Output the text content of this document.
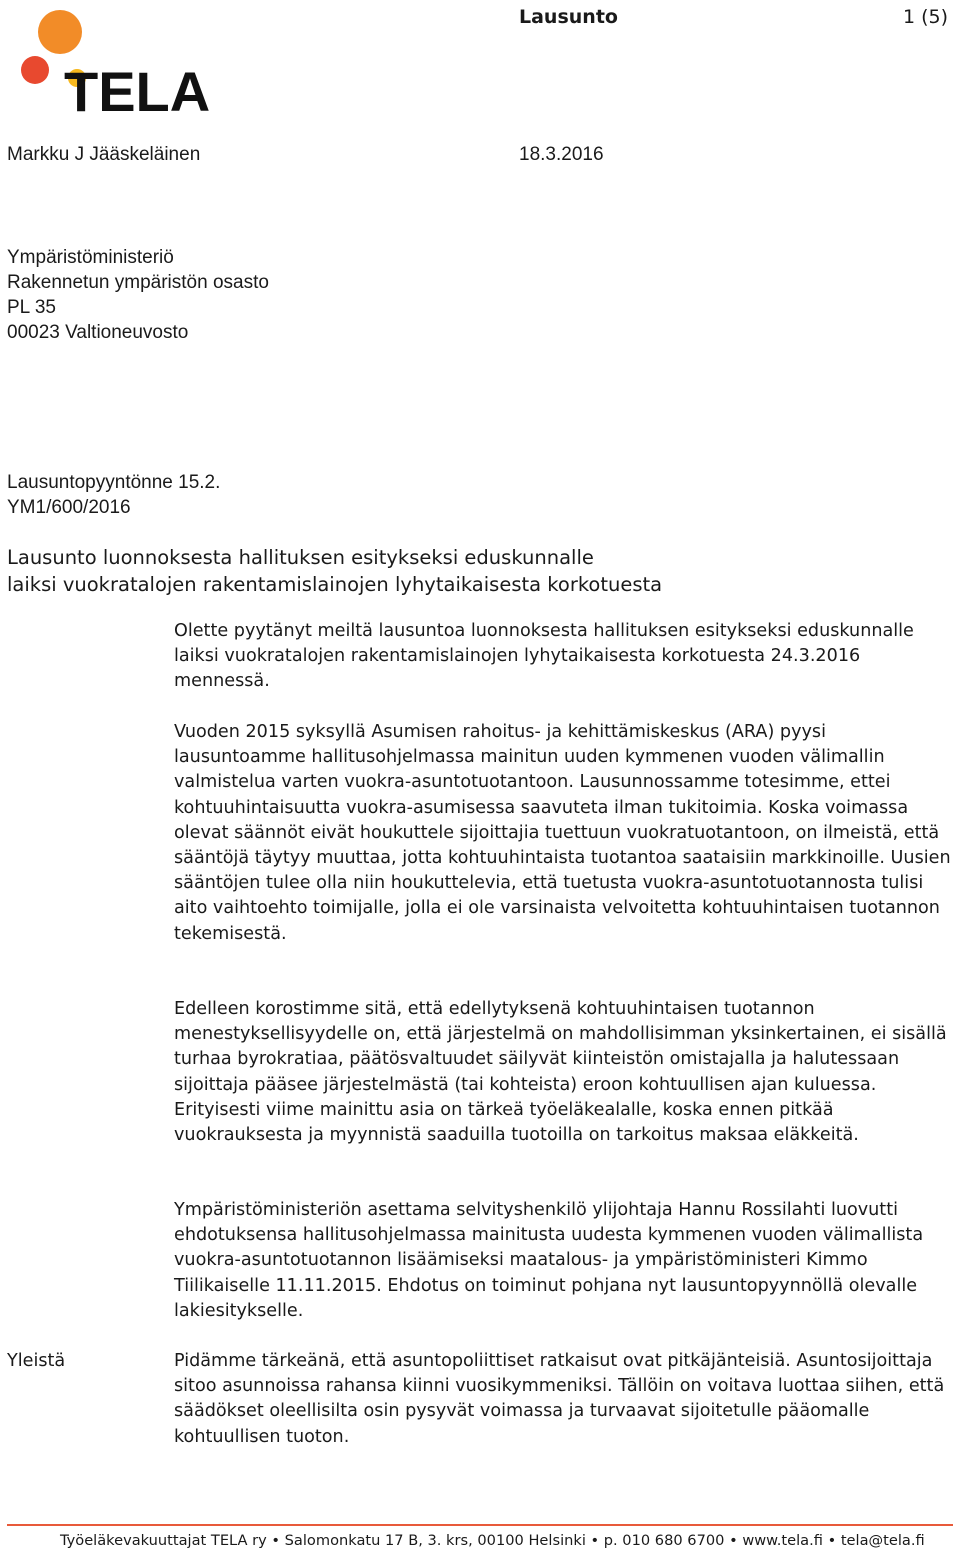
TELA
Lausunto	1 (5)
Markku J Jääskeläinen	18.3.2016
Ympäristöministeriö
Rakennetun ympäristön osasto
PL 35
00023 Valtioneuvosto
Lausuntopyyntönne 15.2.
YM1/600/2016
Lausunto luonnoksesta hallituksen esitykseksi eduskunnalle
laiksi vuokratalojen rakentamislainojen lyhytaikaisesta korkotuesta

Olette pyytänyt meiltä lausuntoa luonnoksesta hallituksen esitykseksi eduskunnalle laiksi vuokratalojen rakentamislainojen lyhytaikaisesta korkotuesta 24.3.2016 mennessä.

Vuoden 2015 syksyllä Asumisen rahoitus- ja kehittämiskeskus (ARA) pyysi lausuntoamme hallitusohjelmassa mainitun uuden kymmenen vuoden välimallin valmistelua varten vuokra-asuntotuotantoon. Lausunnossamme totesimme, ettei kohtuuhintaisuutta vuokra-asumisessa saavuteta ilman tukitoimia. Koska voimassa olevat säännöt eivät houkuttele sijoittajia tuettuun vuokratuotantoon, on ilmeistä, että sääntöjä täytyy muuttaa, jotta kohtuuhintaista tuotantoa saataisiin markkinoille. Uusien sääntöjen tulee olla niin houkuttelevia, että tuetusta vuokra-asuntotuotannosta tulisi aito vaihtoehto toimijalle, jolla ei ole varsinaista velvoitetta kohtuuhintaisen tuotannon tekemisestä.

Edelleen korostimme sitä, että edellytyksenä kohtuuhintaisen tuotannon menestyksellisyydelle on, että järjestelmä on mahdollisimman yksinkertainen, ei sisällä turhaa byrokratiaa, päätösvaltuudet säilyvät kiinteistön omistajalla ja halutessaan sijoittaja pääsee järjestelmästä (tai kohteista) eroon kohtuullisen ajan kuluessa. Erityisesti viime mainittu asia on tärkeä työeläkealalle, koska ennen pitkää vuokrauksesta ja myynnistä saaduilla tuotoilla on tarkoitus maksaa eläkkeitä.

Ympäristöministeriön asettama selvityshenkilö ylijohtaja Hannu Rossilahti luovutti ehdotuksensa hallitusohjelmassa mainitusta uudesta kymmenen vuoden välimallista vuokra-asuntotuotannon lisäämiseksi maatalous- ja ympäristöministeri Kimmo Tiilikaiselle 11.11.2015. Ehdotus on toiminut pohjana nyt lausuntopyynnöllä olevalle lakiesitykselle.

Yleistä	Pidämme tärkeänä, että asuntopoliittiset ratkaisut ovat pitkäjänteisiä. Asuntosijoittaja sitoo asunnoissa rahansa kiinni vuosikymmeniksi. Tällöin on voitava luottaa siihen, että säädökset oleellisilta osin pysyvät voimassa ja turvaavat sijoitetulle pääomalle kohtuullisen tuoton.

Työeläkevakuuttajat TELA ry • Salomonkatu 17 B, 3. krs, 00100 Helsinki • p. 010 680 6700 • www.tela.fi • tela@tela.fi
